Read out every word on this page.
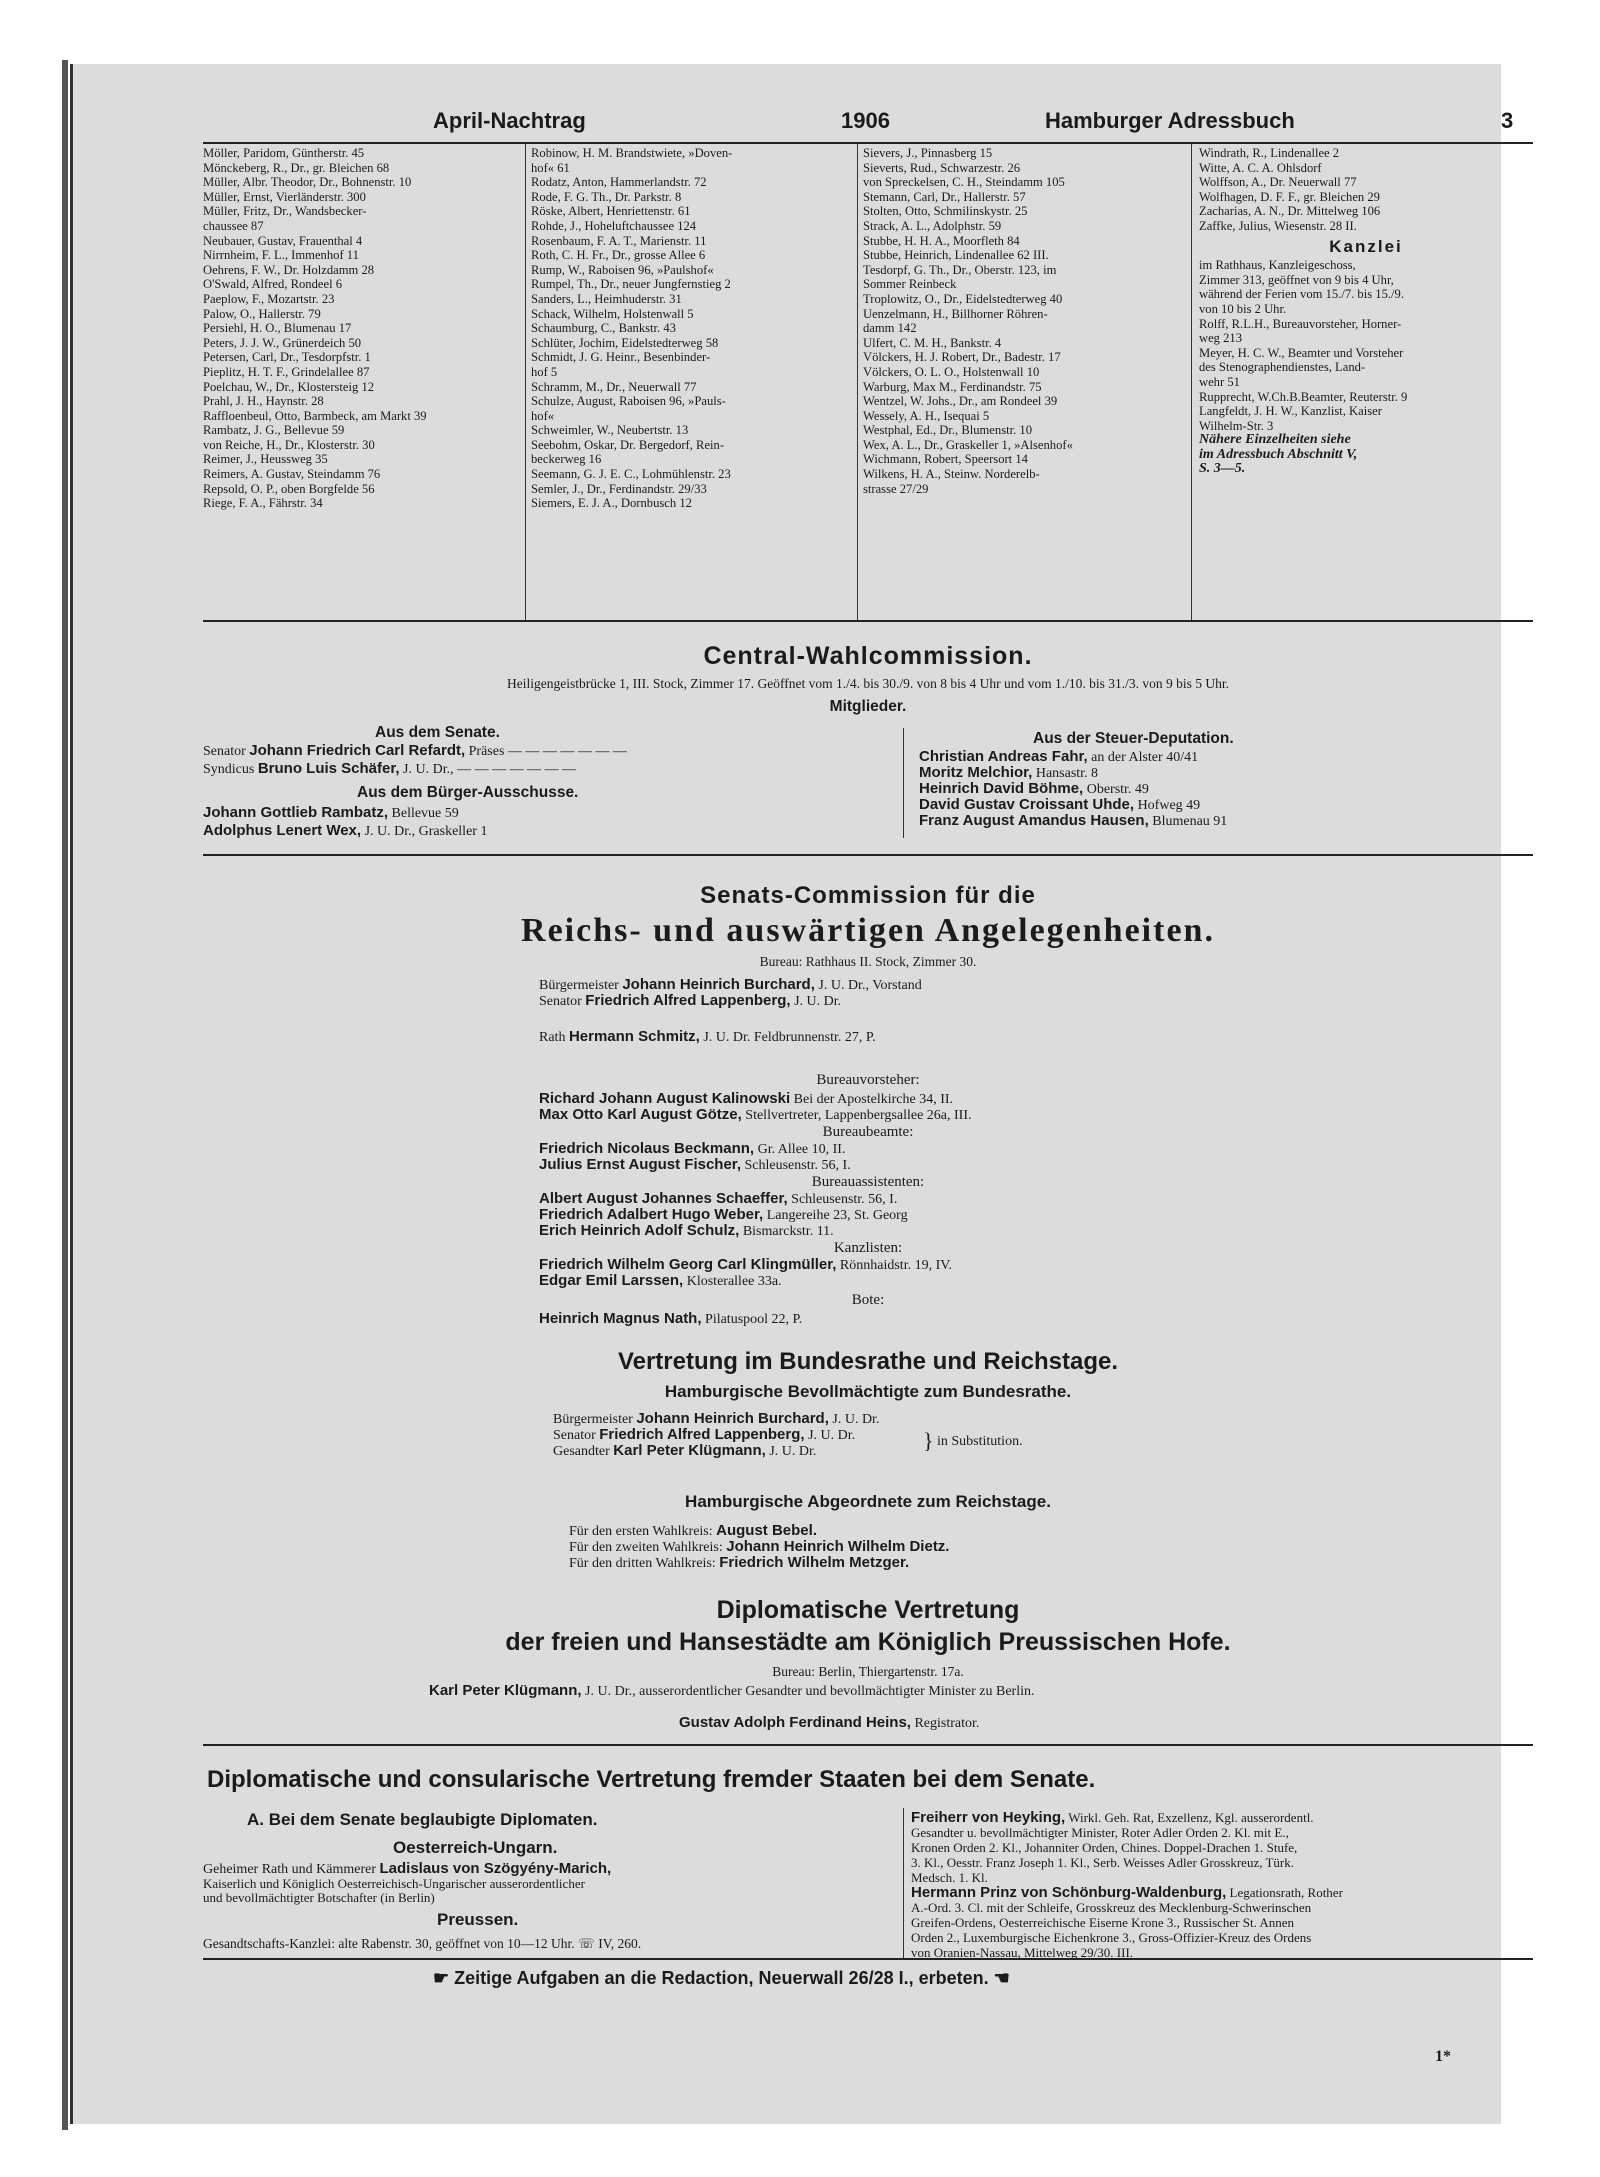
April-Nachtrag	1906	Hamburger Adressbuch	3
Möller, Paridom, Güntherstr. 45
Mönckeberg, R., Dr., gr. Bleichen 68
Müller, Albr. Theodor, Dr., Bohnenstr. 10
Müller, Ernst, Vierländerstr. 300
Müller, Fritz, Dr., Wandsbecker-
chaussee 87
Neubauer, Gustav, Frauenthal 4
Nirrnheim, F. L., Immenhof 11
Oehrens, F. W., Dr. Holzdamm 28
O'Swald, Alfred, Rondeel 6
Paeplow, F., Mozartstr. 23
Palow, O., Hallerstr. 79
Persiehl, H. O., Blumenau 17
Peters, J. J. W., Grünerdeich 50
Petersen, Carl, Dr., Tesdorpfstr. 1
Pieplitz, H. T. F., Grindelallee 87
Poelchau, W., Dr., Klostersteig 12
Prahl, J. H., Haynstr. 28
Raffloenbeul, Otto, Barmbeck, am Markt 39
Rambatz, J. G., Bellevue 59
von Reiche, H., Dr., Klosterstr. 30
Reimer, J., Heussweg 35
Reimers, A. Gustav, Steindamm 76
Repsold, O. P., oben Borgfelde 56
Riege, F. A., Fährstr. 34
Robinow, H. M. Brandstwiete, »Doven-
hof« 61
Rodatz, Anton, Hammerlandstr. 72
Rode, F. G. Th., Dr. Parkstr. 8
Röske, Albert, Henriettenstr. 61
Rohde, J., Hoheluftchaussee 124
Rosenbaum, F. A. T., Marienstr. 11
Roth, C. H. Fr., Dr., grosse Allee 6
Rump, W., Raboisen 96, »Paulshof«
Rumpel, Th., Dr., neuer Jungfernstieg 2
Sanders, L., Heimhuderstr. 31
Schack, Wilhelm, Holstenwall 5
Schaumburg, C., Bankstr. 43
Schlüter, Jochim, Eidelstedterweg 58
Schmidt, J. G. Heinr., Besenbinder-
hof 5
Schramm, M., Dr., Neuerwall 77
Schulze, August, Raboisen 96, »Pauls-
hof«
Schweimler, W., Neubertstr. 13
Seebohm, Oskar, Dr. Bergedorf, Rein-
beckerweg 16
Seemann, G. J. E. C., Lohmühlenstr. 23
Semler, J., Dr., Ferdinandstr. 29/33
Siemers, E. J. A., Dornbusch 12
Sievers, J., Pinnasberg 15
Sieverts, Rud., Schwarzestr. 26
von Spreckelsen, C. H., Steindamm 105
Stemann, Carl, Dr., Hallerstr. 57
Stolten, Otto, Schmilinskystr. 25
Strack, A. L., Adolphstr. 59
Stubbe, H. H. A., Moorfleth 84
Stubbe, Heinrich, Lindenallee 62 III.
Tesdorpf, G. Th., Dr., Oberstr. 123, im
Sommer Reinbeck
Troplowitz, O., Dr., Eidelstedterweg 40
Uenzelmann, H., Billhorner Röhren-
damm 142
Ulfert, C. M. H., Bankstr. 4
Völckers, H. J. Robert, Dr., Badestr. 17
Völckers, O. L. O., Holstenwall 10
Warburg, Max M., Ferdinandstr. 75
Wentzel, W. Johs., Dr., am Rondeel 39
Wessely, A. H., Isequai 5
Westphal, Ed., Dr., Blumenstr. 10
Wex, A. L., Dr., Graskeller 1, »Alsenhof«
Wichmann, Robert, Speersort 14
Wilkens, H. A., Steinw. Norderelb-
strasse 27/29
Windrath, R., Lindenallee 2
Witte, A. C. A. Ohlsdorf
Wolffson, A., Dr. Neuerwall 77
Wolfhagen, D. F. F., gr. Bleichen 29
Zacharias, A. N., Dr. Mittelweg 106
Zaffke, Julius, Wiesenstr. 28 II.
Kanzlei
im Rathhaus, Kanzleigeschoss,
Zimmer 313, geöffnet von 9 bis 4 Uhr,
während der Ferien vom 15./7. bis 15./9.
von 10 bis 2 Uhr.
Rolff, R.L.H., Bureauvorsteher, Horner-
weg 213
Meyer, H. C. W., Beamter und Vorsteher
des Stenographendienstes, Land-
wehr 51
Rupprecht, W.Ch.B.Beamter, Reuterstr. 9
Langfeldt, J. H. W., Kanzlist, Kaiser
Wilhelm-Str. 3
Nähere Einzelheiten siehe
im Adressbuch Abschnitt V,
S. 3—5.
Central-Wahlcommission.
Heiligengeistbrücke 1, III. Stock, Zimmer 17. Geöffnet vom 1./4. bis 30./9. von 8 bis 4 Uhr und vom 1./10. bis 31./3. von 9 bis 5 Uhr.
Mitglieder.
Aus dem Senate.
Senator Johann Friedrich Carl Refardt, Präses — — — — — — —
Syndicus Bruno Luis Schäfer, J. U. Dr., — — — — — — —
Aus dem Bürger-Ausschusse.
Johann Gottlieb Rambatz, Bellevue 59
Adolphus Lenert Wex, J. U. Dr., Graskeller 1
Aus der Steuer-Deputation.
Christian Andreas Fahr, an der Alster 40/41
Moritz Melchior, Hansastr. 8
Heinrich David Böhme, Oberstr. 49
David Gustav Croissant Uhde, Hofweg 49
Franz August Amandus Hausen, Blumenau 91
Senats-Commission für die
Reichs- und auswärtigen Angelegenheiten.
Bureau: Rathhaus II. Stock, Zimmer 30.
Bürgermeister Johann Heinrich Burchard, J. U. Dr., Vorstand
Senator Friedrich Alfred Lappenberg, J. U. Dr.
Rath Hermann Schmitz, J. U. Dr. Feldbrunnenstr. 27, P.
Bureauvorsteher:
Richard Johann August Kalinowski Bei der Apostelkirche 34, II.
Max Otto Karl August Götze, Stellvertreter, Lappenbergsallee 26a, III.
Bureaubeamte:
Friedrich Nicolaus Beckmann, Gr. Allee 10, II.
Julius Ernst August Fischer, Schleusenstr. 56, I.
Bureauassistenten:
Albert August Johannes Schaeffer, Schleusenstr. 56, I.
Friedrich Adalbert Hugo Weber, Langereihe 23, St. Georg
Erich Heinrich Adolf Schulz, Bismarckstr. 11.
Kanzlisten:
Friedrich Wilhelm Georg Carl Klingmüller, Rönnhaidstr. 19, IV.
Edgar Emil Larssen, Klosterallee 33a.
Bote:
Heinrich Magnus Nath, Pilatuspool 22, P.
Vertretung im Bundesrathe und Reichstage.
Hamburgische Bevollmächtigte zum Bundesrathe.
Bürgermeister Johann Heinrich Burchard, J. U. Dr.
Senator Friedrich Alfred Lappenberg, J. U. Dr.
Gesandter Karl Peter Klügmann, J. U. Dr.	} in Substitution.
Hamburgische Abgeordnete zum Reichstage.
Für den ersten Wahlkreis: August Bebel.
Für den zweiten Wahlkreis: Johann Heinrich Wilhelm Dietz.
Für den dritten Wahlkreis: Friedrich Wilhelm Metzger.
Diplomatische Vertretung
der freien und Hansestädte am Königlich Preussischen Hofe.
Bureau: Berlin, Thiergartenstr. 17a.
Karl Peter Klügmann, J. U. Dr., ausserordentlicher Gesandter und bevollmächtigter Minister zu Berlin.
Gustav Adolph Ferdinand Heins, Registrator.
Diplomatische und consularische Vertretung fremder Staaten bei dem Senate.
A. Bei dem Senate beglaubigte Diplomaten.
Oesterreich-Ungarn.
Geheimer Rath und Kämmerer Ladislaus von Szögyény-Marich,
Kaiserlich und Königlich Oesterreichisch-Ungarischer ausserordentlicher
und bevollmächtigter Botschafter (in Berlin)
Preussen.
Gesandtschafts-Kanzlei: alte Rabenstr. 30, geöffnet von 10—12 Uhr. ☏ IV, 260.
Freiherr von Heyking, Wirkl. Geh. Rat, Exzellenz, Kgl. ausserordentl.
Gesandter u. bevollmächtigter Minister, Roter Adler Orden 2. Kl. mit E.,
Kronen Orden 2. Kl., Johanniter Orden, Chines. Doppel-Drachen 1. Stufe,
3. Kl., Oesstr. Franz Joseph 1. Kl., Serb. Weisses Adler Grosskreuz, Türk.
Medsch. 1. Kl.
Hermann Prinz von Schönburg-Waldenburg, Legationsrath, Rother
A.-Ord. 3. Cl. mit der Schleife, Grosskreuz des Mecklenburg-Schwerinschen
Greifen-Ordens, Oesterreichische Eiserne Krone 3., Russischer St. Annen
Orden 2., Luxemburgische Eichenkrone 3., Gross-Offizier-Kreuz des Ordens
von Oranien-Nassau, Mittelweg 29/30. III.
☛ Zeitige Aufgaben an die Redaction, Neuerwall 26/28 I., erbeten. ☚
1*
